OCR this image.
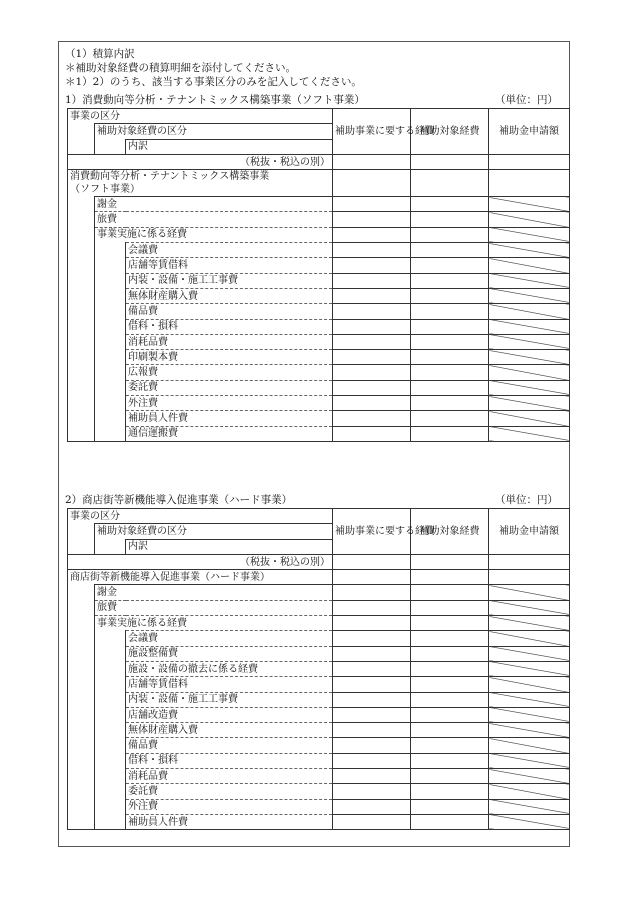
（1）積算内訳
＊補助対象経費の積算明細を添付してください。
＊1）2）のうち、該当する事業区分のみを記入してください。
1）消費動向等分析・テナントミックス構築事業（ソフト事業）	（単位：円）
事業の区分			補助事業に要する経費	補助対象経費	補助金申請額
	補助対象経費の区分				
		内訳			
（税抜・税込の別）					

消費動向等分析・テナントミックス構築事業
（ソフト事業）					

	謝金				
	旅費				
	事業実施に係る経費				
		会議費			
		店舗等賃借料			
		内装・設備・施工工事費			
		無体財産購入費			
		備品費			
		借料・損料			
		消耗品費			
		印刷製本費			
		広報費			
		委託費			
		外注費			
		補助員人件費			
		通信運搬費			
2）商店街等新機能導入促進事業（ハード事業）	（単位：円）
事業の区分			補助事業に要する経費	補助対象経費	補助金申請額
	補助対象経費の区分				
		内訳			
（税抜・税込の別）					
商店街等新機能導入促進事業（ハード事業）					
	謝金				
	旅費				
	事業実施に係る経費				
		会議費			
		施設整備費			
		施設・設備の撤去に係る経費			
		店舗等賃借料			
		内装・設備・施工工事費			
		店舗改造費			
		無体財産購入費			
		備品費			
		借料・損料			
		消耗品費			
		委託費			
		外注費			
		補助員人件費			
